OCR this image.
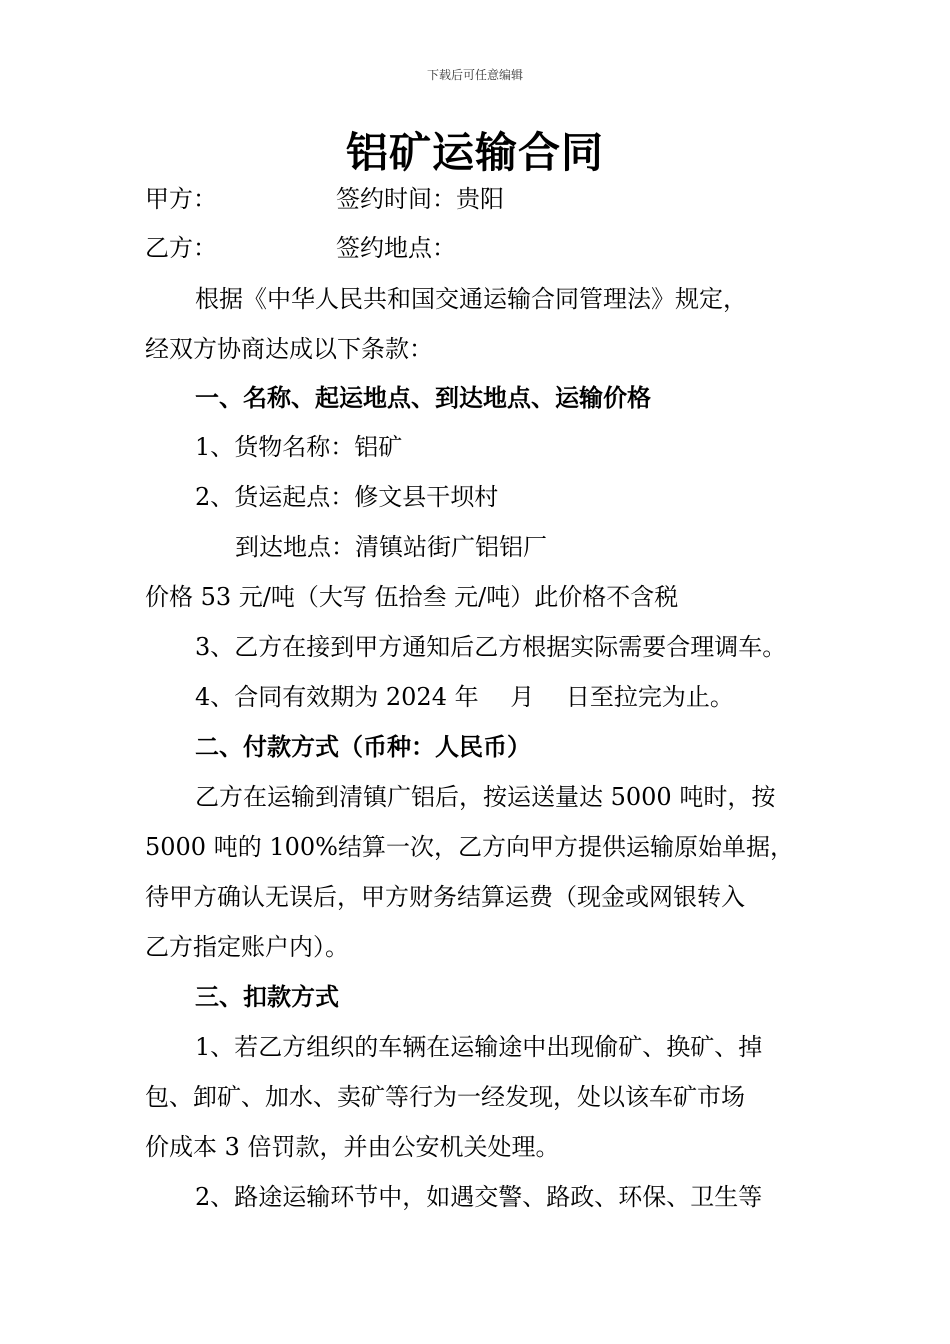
下载后可任意编辑
铝矿运输合同
甲方：	签约时间：贵阳
乙方：	签约地点：
根据《中华人民共和国交通运输合同管理法》规定，
经双方协商达成以下条款：
一、名称、起运地点、到达地点、运输价格
1、货物名称：铝矿
2、货运起点：修文县干坝村
到达地点：清镇站街广铝铝厂
价格 53 元/吨（大写 伍拾叁 元/吨）此价格不含税
3、乙方在接到甲方通知后乙方根据实际需要合理调车。
4、合同有效期为 2024 年　 月　 日至拉完为止。
二、付款方式（币种：人民币）
乙方在运输到清镇广铝后，按运送量达 5000 吨时，按
5000 吨的 100%结算一次，乙方向甲方提供运输原始单据，
待甲方确认无误后，甲方财务结算运费（现金或网银转入
乙方指定账户内）。
三、扣款方式
1、若乙方组织的车辆在运输途中出现偷矿、换矿、掉
包、卸矿、加水、卖矿等行为一经发现，处以该车矿市场
价成本 3 倍罚款，并由公安机关处理。
2、路途运输环节中，如遇交警、路政、环保、卫生等
